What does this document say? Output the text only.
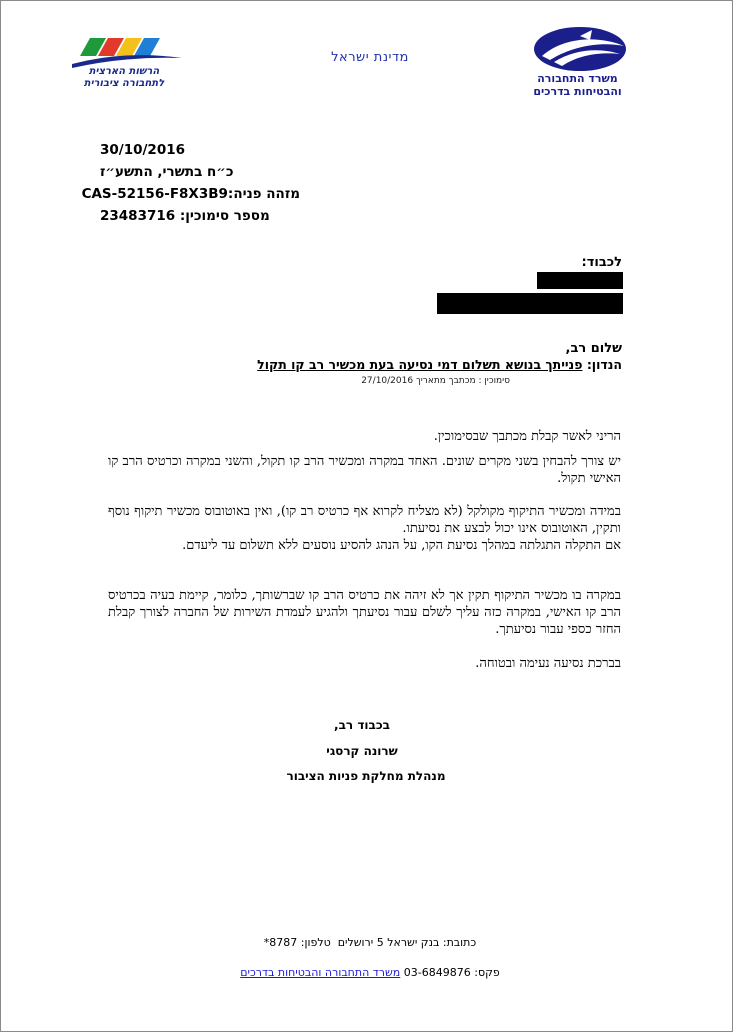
מדינת ישראל
משרד התחבורה
והבטיחות בדרכים
הרשות הארצית
לתחבורה ציבורית
30/10/2016
כ״ח בתשרי, התשע״ז
מזהה פניה:CAS-52156-F8X3B9
מספר סימוכין: 23483716
לכבוד:
שלום רב,
הנדון: פנייתך בנושא תשלום דמי נסיעה בעת מכשיר רב קו תקול
סימוכין : מכתבך מתאריך 27/10/2016

הריני לאשר קבלת מכתבך שבסימוכין.

יש צורך להבחין בשני מקרים שונים. האחד במקרה ומכשיר הרב קו תקול, והשני במקרה וכרטיס הרב קו האישי תקול.

במידה ומכשיר התיקוף מקולקל (לא מצליח לקרוא אף כרטיס רב קו), ואין באוטובוס מכשיר תיקוף נוסף ותקין, האוטובוס אינו יכול לבצע את נסיעתו.

אם התקלה התגלתה במהלך נסיעת הקו, על הנהג להסיע נוסעים ללא תשלום עד ליעדם.

במקרה בו מכשיר התיקוף תקין אך לא זיהה את כרטיס הרב קו שברשותך, כלומר, קיימת בעיה בכרטיס הרב קו האישי, במקרה כזה עליך לשלם עבור נסיעתך ולהגיע לעמדת השירות של החברה לצורך קבלת החזר כספי עבור נסיעתך.

בברכת נסיעה נעימה ובטוחה.

בכבוד רב,
שרונה קרסגי
מנהלת מחלקת פניות הציבור
כתובת: בנק ישראל 5 ירושלים  טלפון: *8787
פקס: 03-6849876 משרד התחבורה והבטיחות בדרכים
